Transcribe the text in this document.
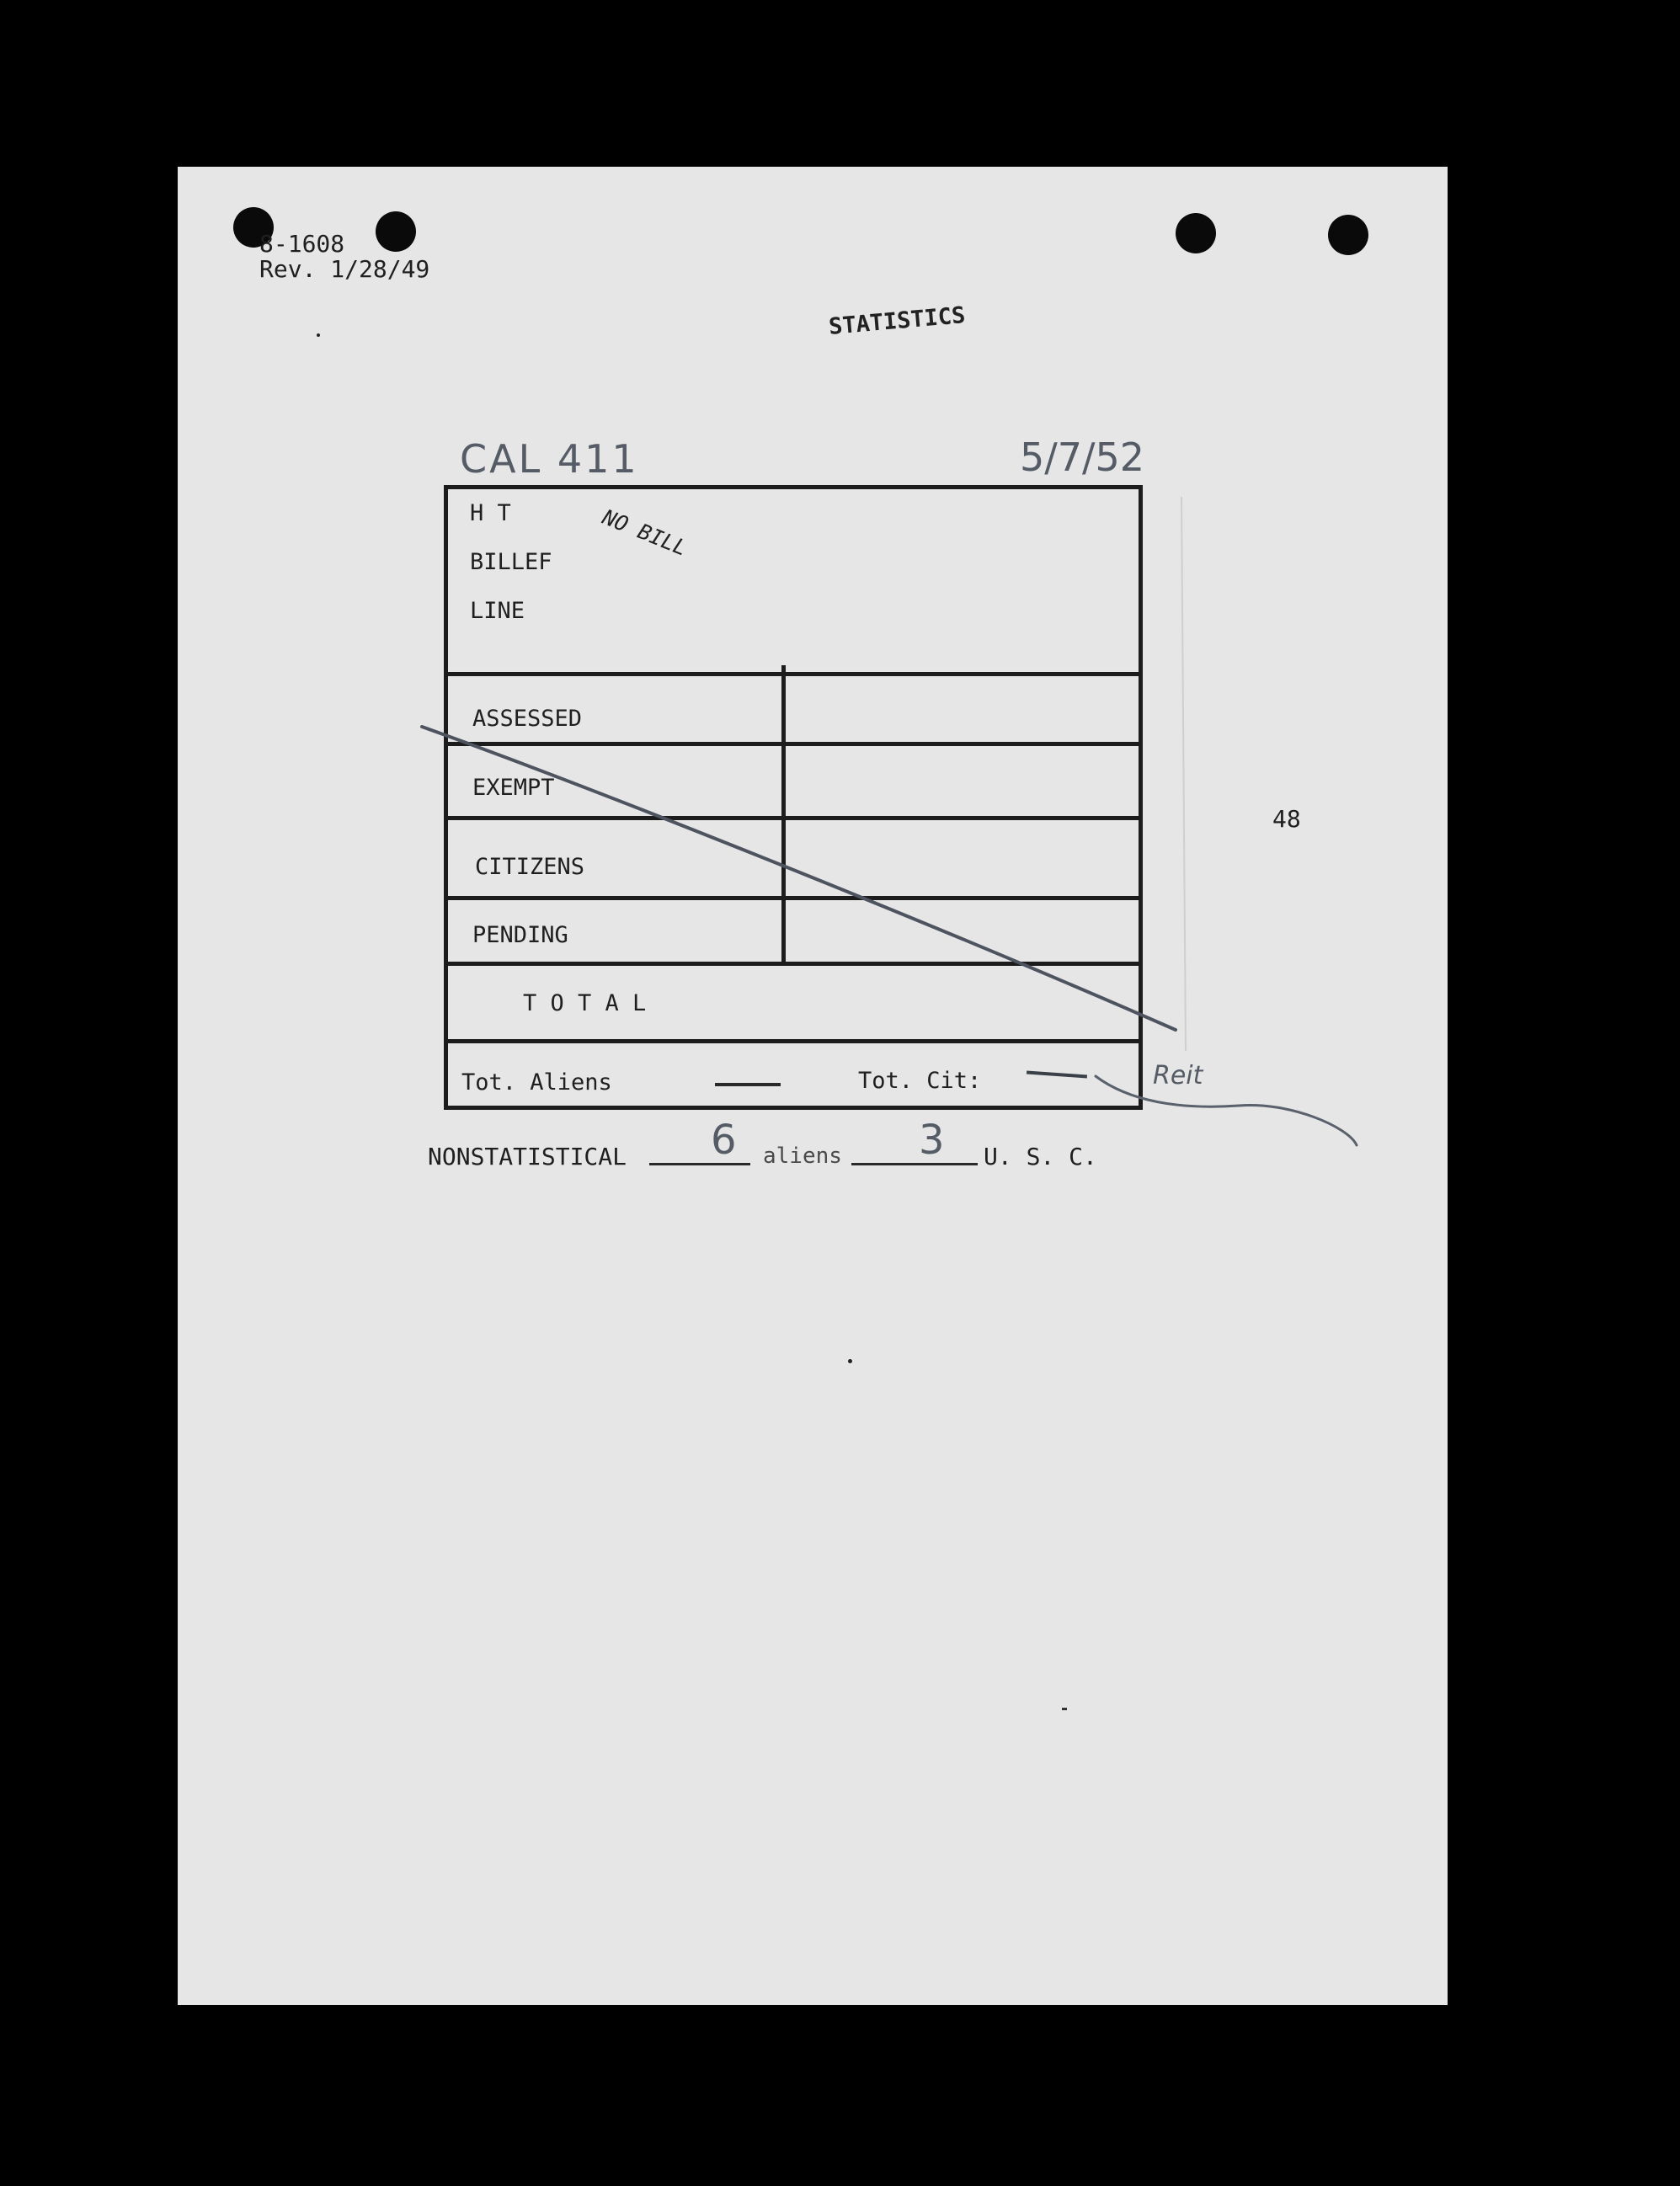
8-1608
Rev. 1/28/49
STATISTICS
CAL 411	5/7/52
H T
BILLEF
LINE
NO BILL
ASSESSED
EXEMPT
CITIZENS
PENDING
T O T A L
Tot. Aliens	Tot. Cit:	Reit
48
NONSTATISTICAL 6 aliens 3 U. S. C.
